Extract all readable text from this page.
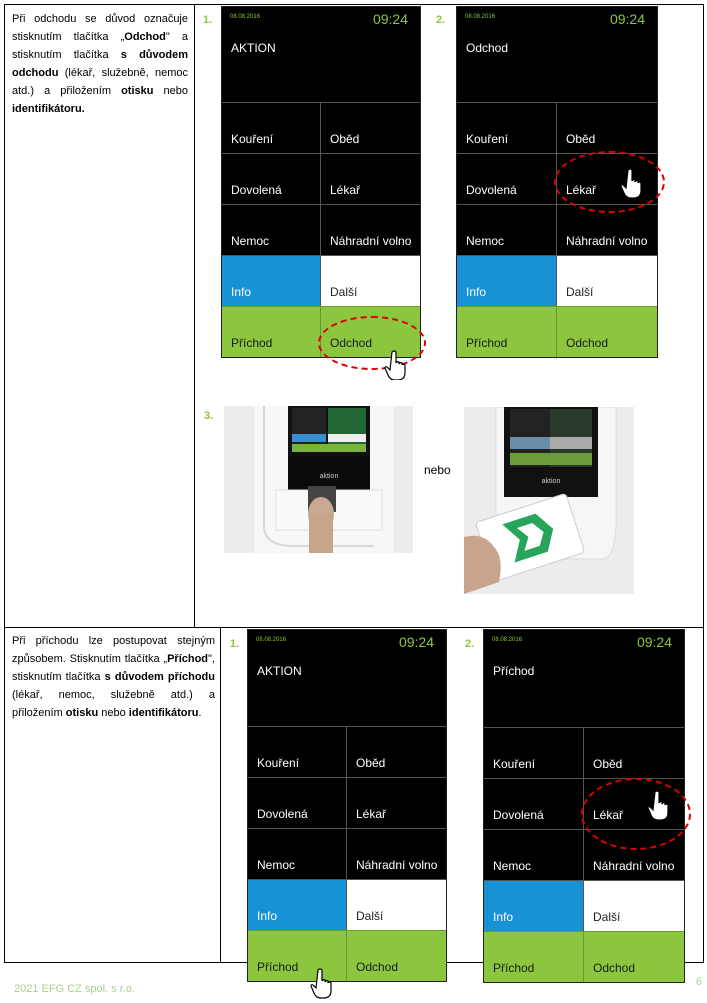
Při odchodu se důvod označuje stisknutím tlačítka „Odchod" a stisknutím tlačítka s důvodem odchodu (lékař, služebně, nemoc atd.) a přiložením otisku nebo identifikátoru.
1.	2.
3.
08.08.2016	09:24
AKTION
Kouření	Oběd
Dovolená	Lékař
Nemoc	Náhradní volno
Info	Další
Příchod	Odchod
08.08.2016	09:24
Odchod
Kouření	Oběd
Dovolená	Lékař
Nemoc	Náhradní volno
Info	Další
Příchod	Odchod
aktion	nebo
aktion
Při příchodu lze postupovat stejným způsobem. Stisknutím tlačítka „Příchod", stisknutím tlačítka s důvodem příchodu (lékař, nemoc, služebně atd.) a přiložením otisku nebo identifikátoru.
1.	2.
08.08.2016	09:24
AKTION
Kouření	Oběd
Dovolená	Lékař
Nemoc	Náhradní volno
Info	Další
Příchod	Odchod
08.08.2016	09:24
Příchod
Kouření	Oběd
Dovolená	Lékař
Nemoc	Náhradní volno
Info	Další
Příchod	Odchod
2021 EFG CZ spol. s r.o.
6
